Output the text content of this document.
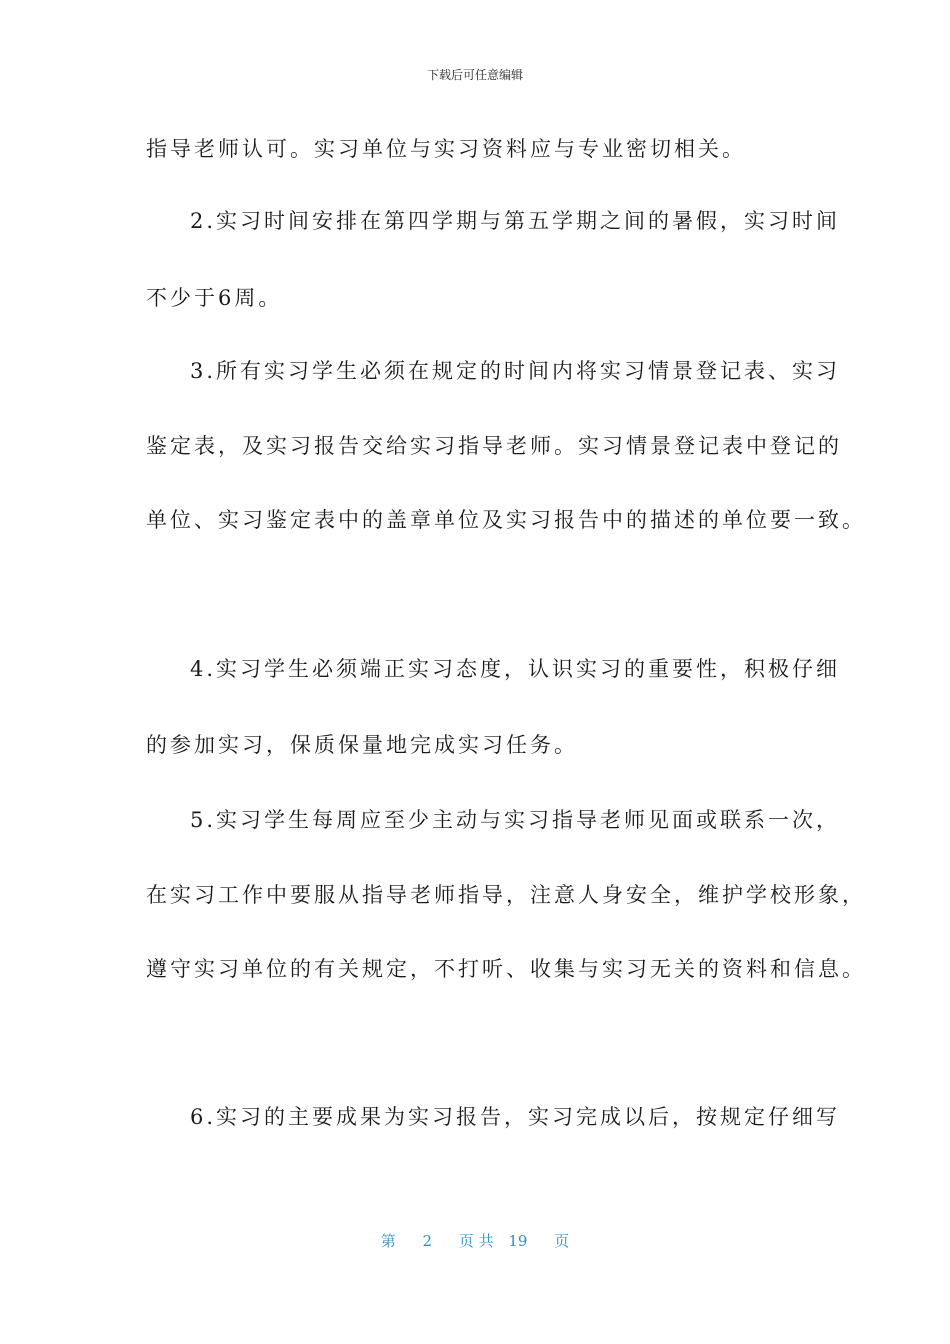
下载后可任意编辑
指导老师认可。实习单位与实习资料应与专业密切相关。
2.实习时间安排在第四学期与第五学期之间的暑假，实习时间
不少于6周。
3.所有实习学生必须在规定的时间内将实习情景登记表、实习
鉴定表，及实习报告交给实习指导老师。实习情景登记表中登记的
单位、实习鉴定表中的盖章单位及实习报告中的描述的单位要一致。
4.实习学生必须端正实习态度，认识实习的重要性，积极仔细
的参加实习，保质保量地完成实习任务。
5.实习学生每周应至少主动与实习指导老师见面或联系一次，
在实习工作中要服从指导老师指导，注意人身安全，维护学校形象，
遵守实习单位的有关规定，不打听、收集与实习无关的资料和信息。
6.实习的主要成果为实习报告，实习完成以后，按规定仔细写
第 2 页 共 19 页
